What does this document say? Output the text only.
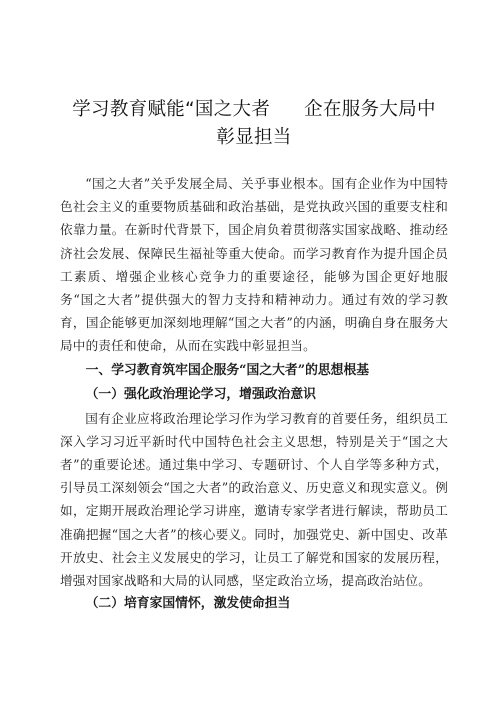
学习教育赋能“国之大者 企在服务大局中
彰显担当

“国之大者”关乎发展全局、关乎事业根本。国有企业作为中国特色社会主义的重要物质基础和政治基础，是党执政兴国的重要支柱和依靠力量。在新时代背景下，国企肩负着贯彻落实国家战略、推动经济社会发展、保障民生福祉等重大使命。而学习教育作为提升国企员工素质、增强企业核心竞争力的重要途径，能够为国企更好地服务“国之大者”提供强大的智力支持和精神动力。通过有效的学习教育，国企能够更加深刻地理解“国之大者”的内涵，明确自身在服务大局中的责任和使命，从而在实践中彰显担当。

一、学习教育筑牢国企服务“国之大者”的思想根基

（一）强化政治理论学习，增强政治意识

国有企业应将政治理论学习作为学习教育的首要任务，组织员工深入学习习近平新时代中国特色社会主义思想，特别是关于“国之大者”的重要论述。通过集中学习、专题研讨、个人自学等多种方式，引导员工深刻领会“国之大者”的政治意义、历史意义和现实意义。例如，定期开展政治理论学习讲座，邀请专家学者进行解读，帮助员工准确把握“国之大者”的核心要义。同时，加强党史、新中国史、改革开放史、社会主义发展史的学习，让员工了解党和国家的发展历程，增强对国家战略和大局的认同感，坚定政治立场，提高政治站位。

（二）培育家国情怀，激发使命担当
